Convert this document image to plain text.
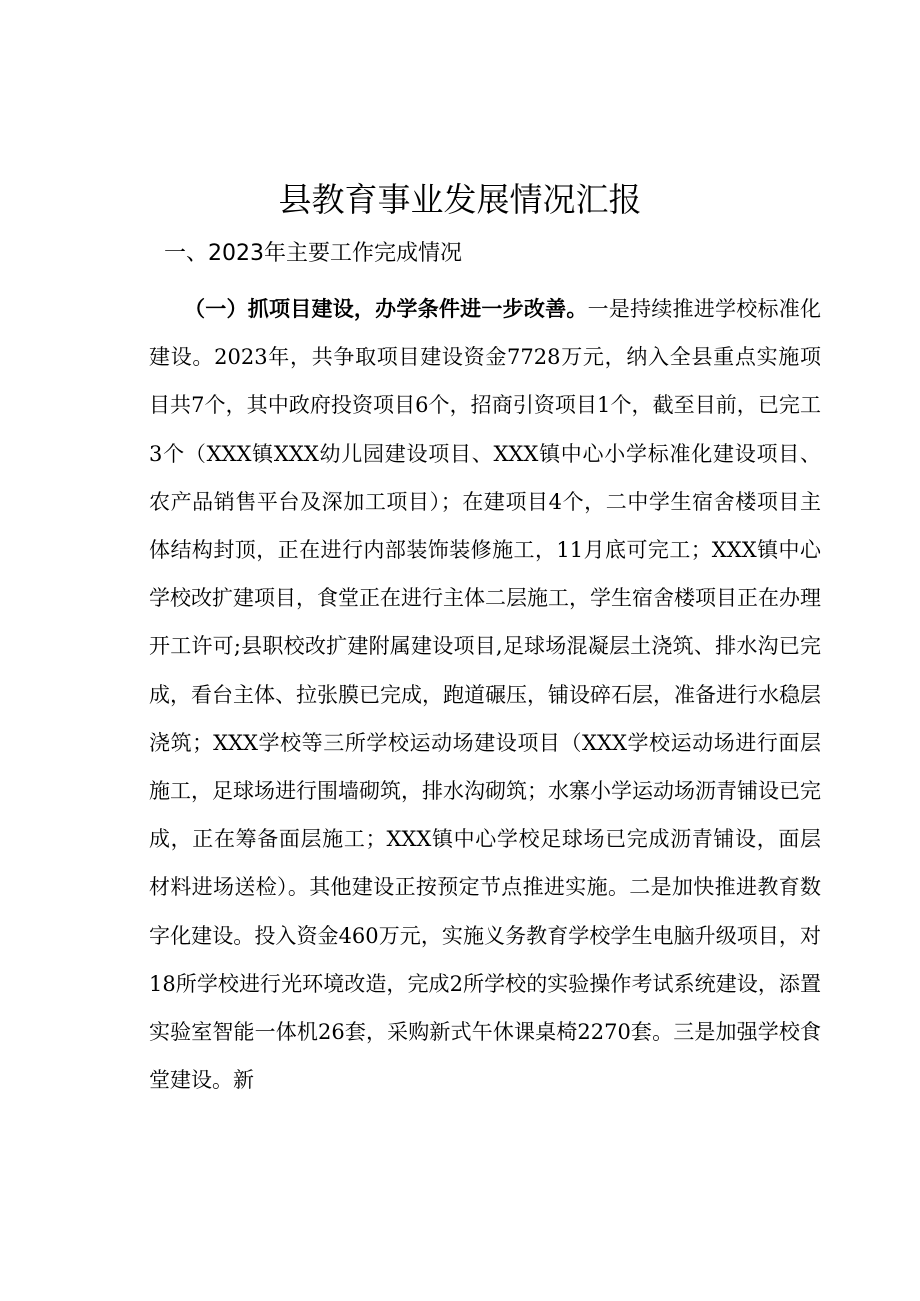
县教育事业发展情况汇报
一、2023年主要工作完成情况

（一）抓项目建设，办学条件进一步改善。一是持续推进学校标准化建设。2023年，共争取项目建设资金7728万元，纳入全县重点实施项目共7个，其中政府投资项目6个，招商引资项目1个，截至目前，已完工3个（XXX镇XXX幼儿园建设项目、XXX镇中心小学标准化建设项目、农产品销售平台及深加工项目）；在建项目4个，二中学生宿舍楼项目主体结构封顶，正在进行内部装饰装修施工，11月底可完工；XXX镇中心学校改扩建项目，食堂正在进行主体二层施工，学生宿舍楼项目正在办理开工许可;县职校改扩建附属建设项目,足球场混凝层土浇筑、排水沟已完成，看台主体、拉张膜已完成，跑道碾压，铺设碎石层，准备进行水稳层浇筑；XXX学校等三所学校运动场建设项目（XXX学校运动场进行面层施工，足球场进行围墙砌筑，排水沟砌筑；水寨小学运动场沥青铺设已完成，正在筹备面层施工；XXX镇中心学校足球场已完成沥青铺设，面层材料进场送检）。其他建设正按预定节点推进实施。二是加快推进教育数字化建设。投入资金460万元，实施义务教育学校学生电脑升级项目，对18所学校进行光环境改造，完成2所学校的实验操作考试系统建设，添置实验室智能一体机26套，采购新式午休课桌椅2270套。三是加强学校食堂建设。新
